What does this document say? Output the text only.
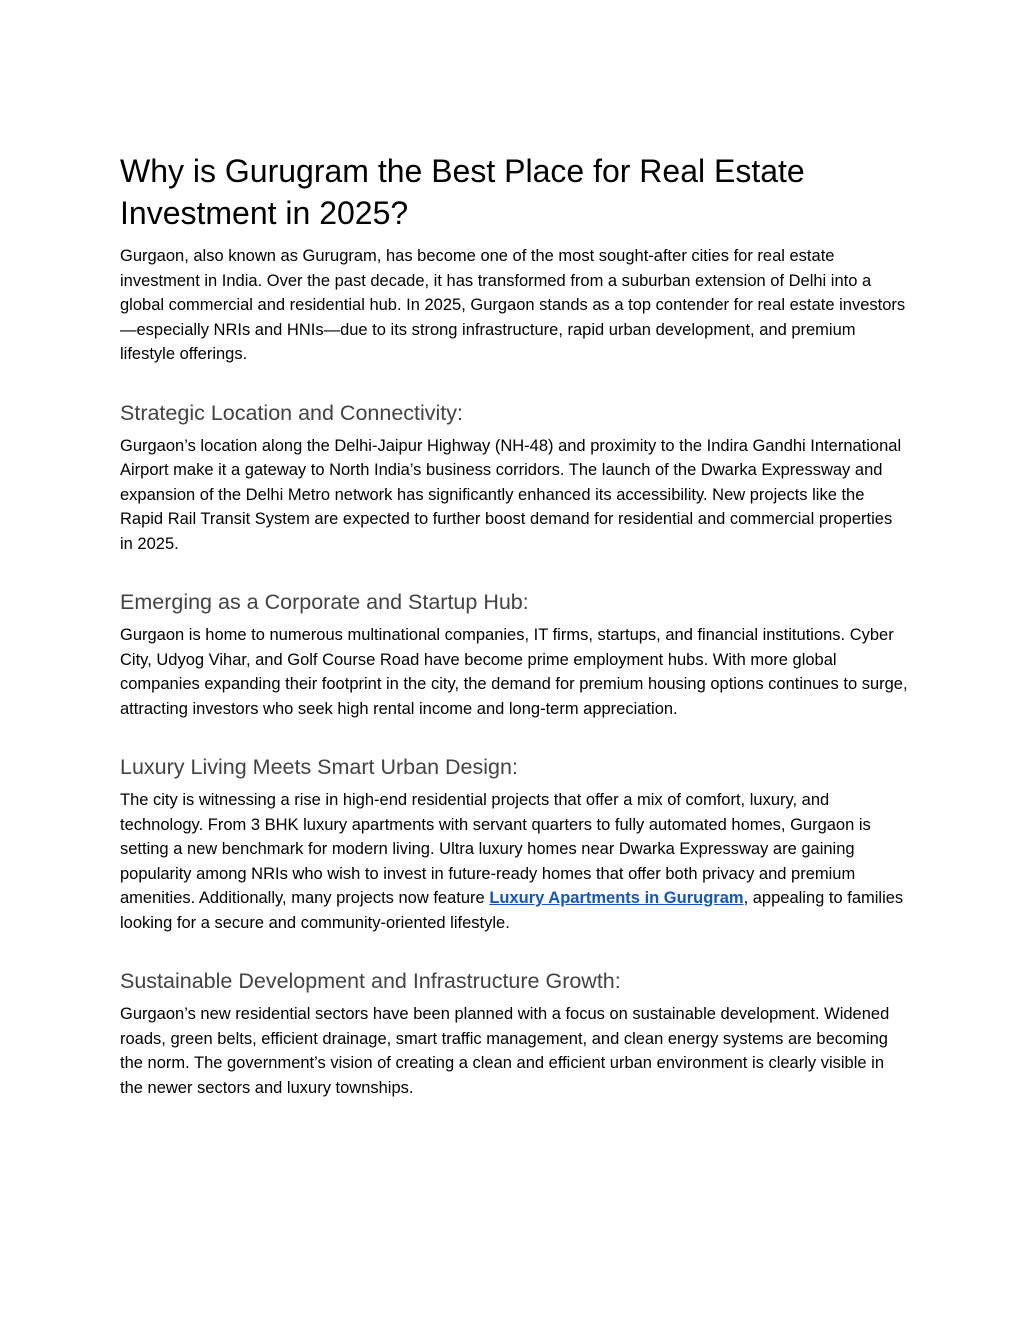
Why is Gurugram the Best Place for Real Estate Investment in 2025?

Gurgaon, also known as Gurugram, has become one of the most sought-after cities for real estate investment in India. Over the past decade, it has transformed from a suburban extension of Delhi into a global commercial and residential hub. In 2025, Gurgaon stands as a top contender for real estate investors—especially NRIs and HNIs—due to its strong infrastructure, rapid urban development, and premium lifestyle offerings.

Strategic Location and Connectivity:

Gurgaon’s location along the Delhi-Jaipur Highway (NH-48) and proximity to the Indira Gandhi International Airport make it a gateway to North India’s business corridors. The launch of the Dwarka Expressway and expansion of the Delhi Metro network has significantly enhanced its accessibility. New projects like the Rapid Rail Transit System are expected to further boost demand for residential and commercial properties in 2025.

Emerging as a Corporate and Startup Hub:

Gurgaon is home to numerous multinational companies, IT firms, startups, and financial institutions. Cyber City, Udyog Vihar, and Golf Course Road have become prime employment hubs. With more global companies expanding their footprint in the city, the demand for premium housing options continues to surge, attracting investors who seek high rental income and long-term appreciation.

Luxury Living Meets Smart Urban Design:

The city is witnessing a rise in high-end residential projects that offer a mix of comfort, luxury, and technology. From 3 BHK luxury apartments with servant quarters to fully automated homes, Gurgaon is setting a new benchmark for modern living. Ultra luxury homes near Dwarka Expressway are gaining popularity among NRIs who wish to invest in future-ready homes that offer both privacy and premium amenities. Additionally, many projects now feature Luxury Apartments in Gurugram, appealing to families looking for a secure and community-oriented lifestyle.

Sustainable Development and Infrastructure Growth:

Gurgaon’s new residential sectors have been planned with a focus on sustainable development. Widened roads, green belts, efficient drainage, smart traffic management, and clean energy systems are becoming the norm. The government’s vision of creating a clean and efficient urban environment is clearly visible in the newer sectors and luxury townships.
